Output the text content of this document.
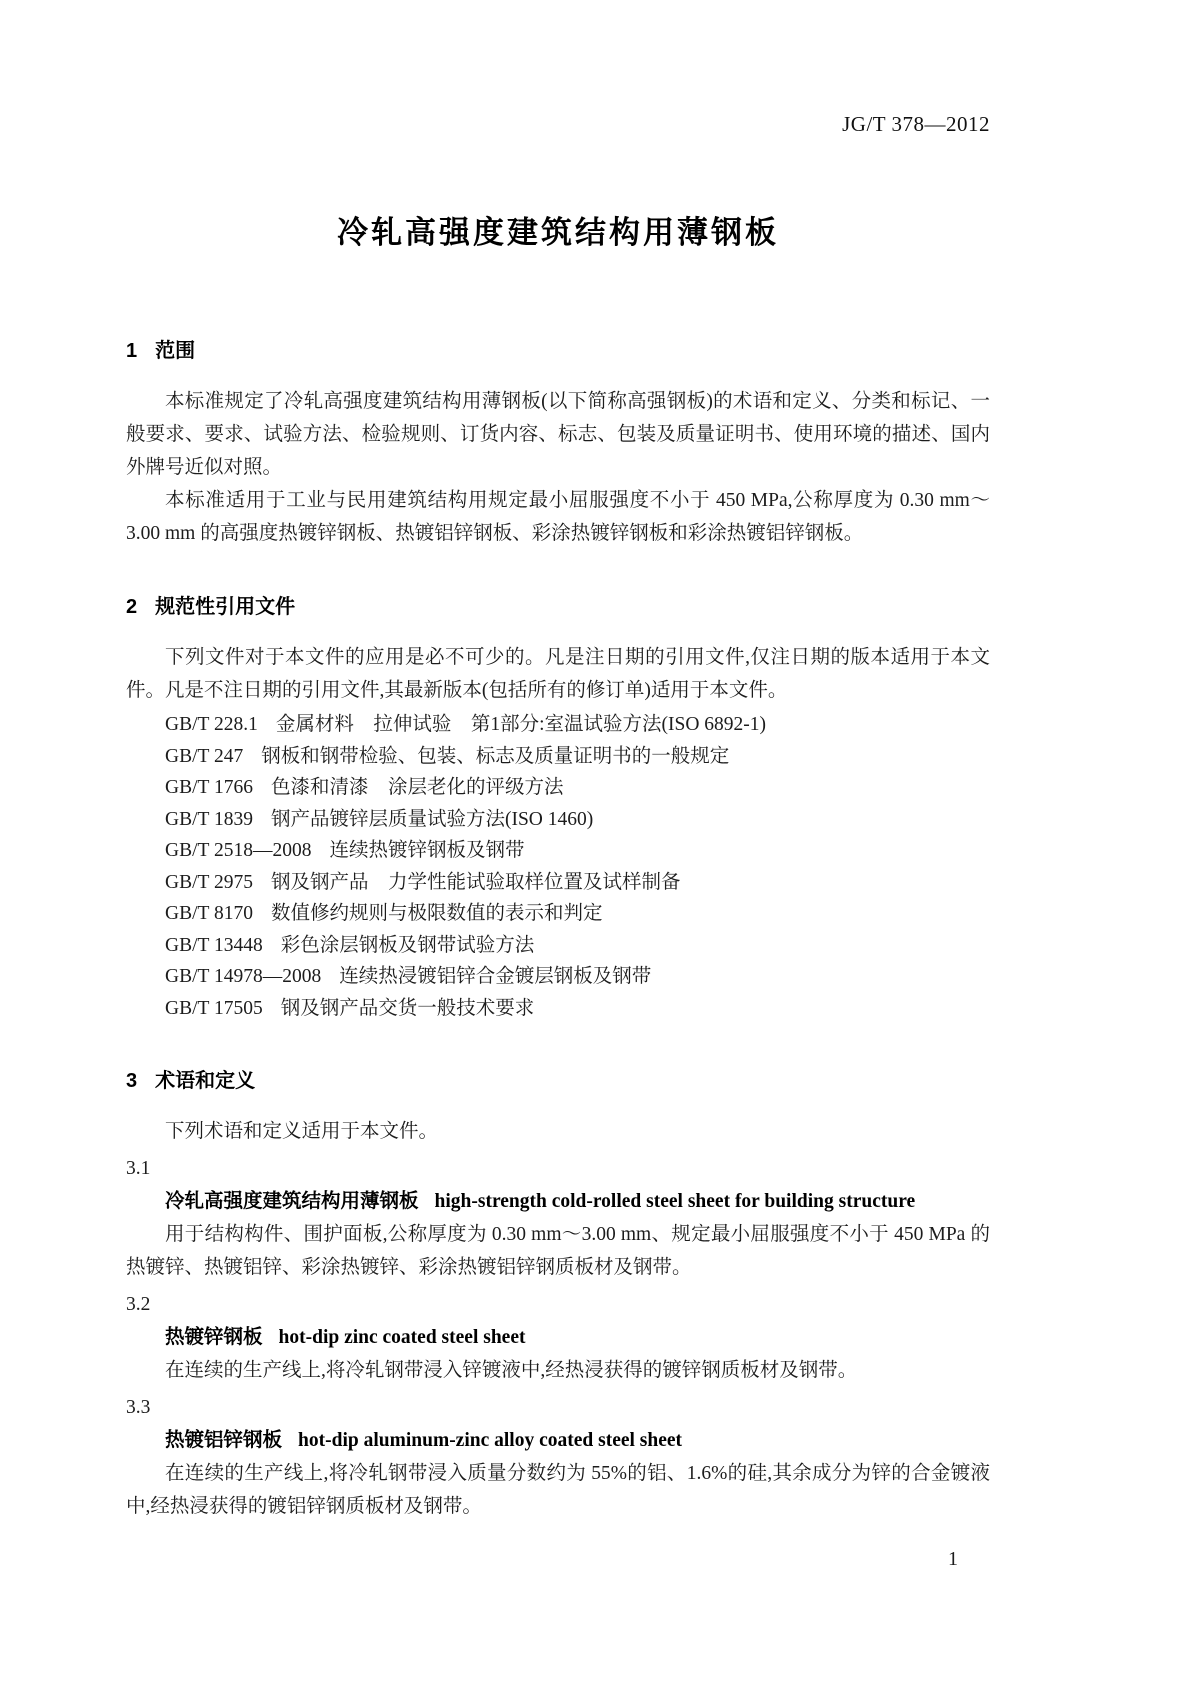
JG/T 378—2012
冷轧高强度建筑结构用薄钢板
1 范围

本标准规定了冷轧高强度建筑结构用薄钢板(以下简称高强钢板)的术语和定义、分类和标记、一般要求、要求、试验方法、检验规则、订货内容、标志、包装及质量证明书、使用环境的描述、国内外牌号近似对照。

本标准适用于工业与民用建筑结构用规定最小屈服强度不小于 450 MPa,公称厚度为 0.30 mm～3.00 mm 的高强度热镀锌钢板、热镀铝锌钢板、彩涂热镀锌钢板和彩涂热镀铝锌钢板。

2 规范性引用文件

下列文件对于本文件的应用是必不可少的。凡是注日期的引用文件,仅注日期的版本适用于本文件。凡是不注日期的引用文件,其最新版本(包括所有的修订单)适用于本文件。

GB/T 228.1 金属材料　拉伸试验　第1部分:室温试验方法(ISO 6892-1)

GB/T 247 钢板和钢带检验、包装、标志及质量证明书的一般规定

GB/T 1766 色漆和清漆　涂层老化的评级方法

GB/T 1839 钢产品镀锌层质量试验方法(ISO 1460)

GB/T 2518—2008 连续热镀锌钢板及钢带

GB/T 2975 钢及钢产品　力学性能试验取样位置及试样制备

GB/T 8170 数值修约规则与极限数值的表示和判定

GB/T 13448 彩色涂层钢板及钢带试验方法

GB/T 14978—2008 连续热浸镀铝锌合金镀层钢板及钢带

GB/T 17505 钢及钢产品交货一般技术要求

3 术语和定义

下列术语和定义适用于本文件。

3.1

冷轧高强度建筑结构用薄钢板 high-strength cold-rolled steel sheet for building structure

用于结构构件、围护面板,公称厚度为 0.30 mm～3.00 mm、规定最小屈服强度不小于 450 MPa 的热镀锌、热镀铝锌、彩涂热镀锌、彩涂热镀铝锌钢质板材及钢带。

3.2

热镀锌钢板 hot-dip zinc coated steel sheet

在连续的生产线上,将冷轧钢带浸入锌镀液中,经热浸获得的镀锌钢质板材及钢带。

3.3

热镀铝锌钢板 hot-dip aluminum-zinc alloy coated steel sheet

在连续的生产线上,将冷轧钢带浸入质量分数约为 55%的铝、1.6%的硅,其余成分为锌的合金镀液中,经热浸获得的镀铝锌钢质板材及钢带。

1
